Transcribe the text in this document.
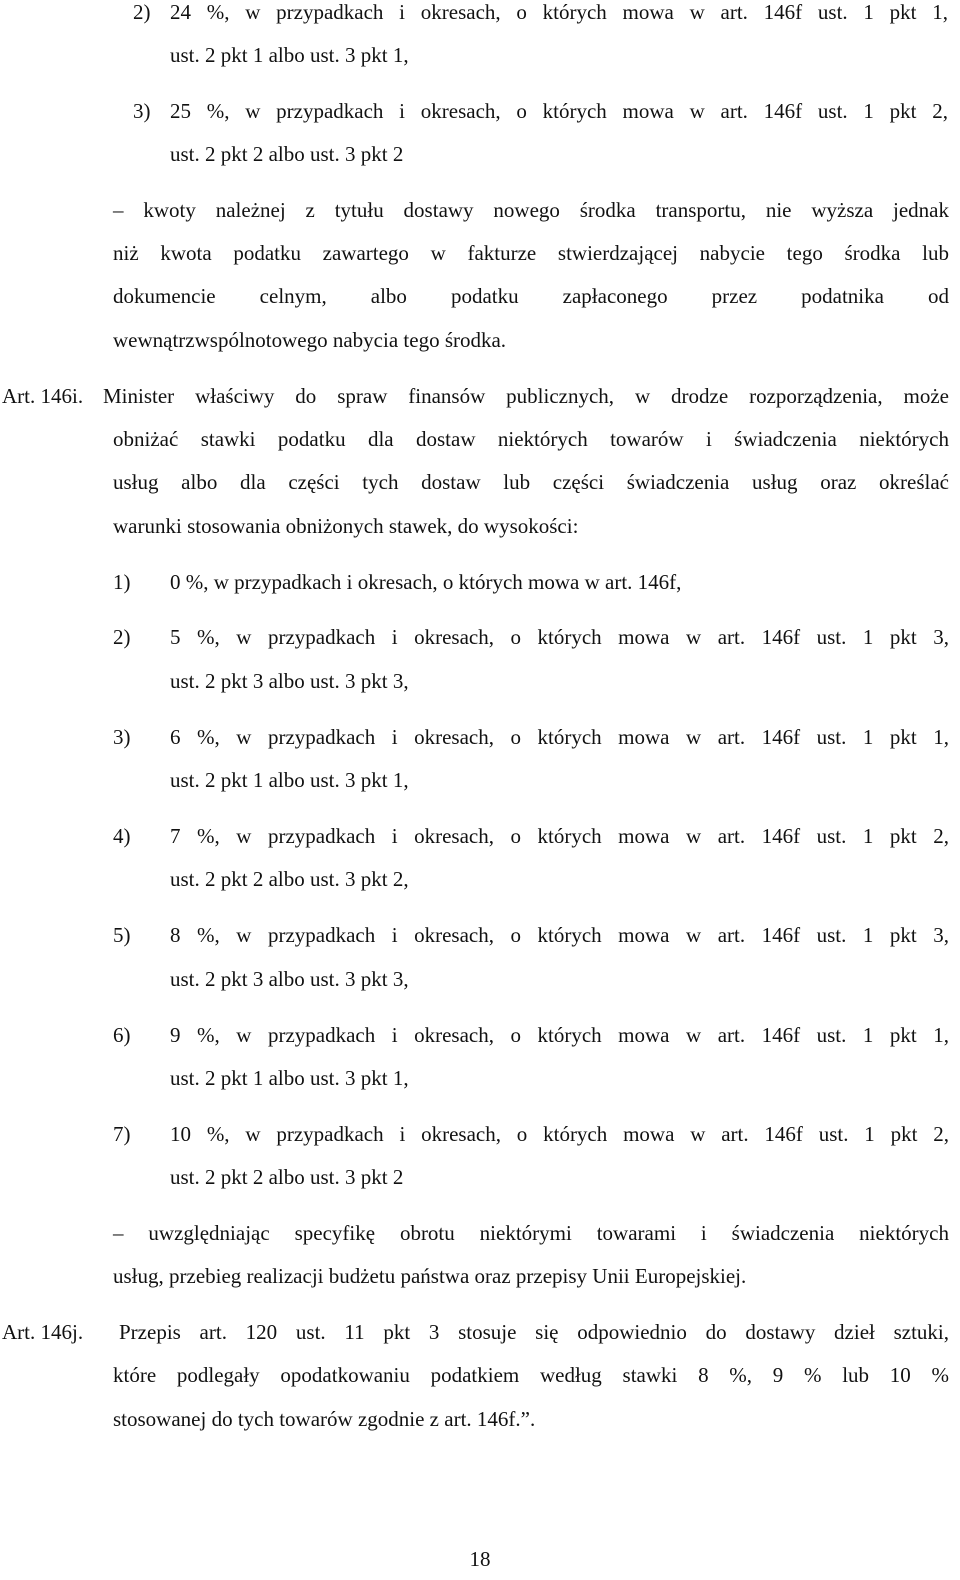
2) 24 %, w przypadkach i okresach, o których mowa w art. 146f ust. 1 pkt 1,
ust. 2 pkt 1 albo ust. 3 pkt 1,
3) 25 %, w przypadkach i okresach, o których mowa w art. 146f ust. 1 pkt 2,
ust. 2 pkt 2 albo ust. 3 pkt 2
– kwoty należnej z tytułu dostawy nowego środka transportu, nie wyższa jednak
niż kwota podatku zawartego w fakturze stwierdzającej nabycie tego środka lub
dokumencie celnym, albo podatku zapłaconego przez podatnika od
wewnątrzwspólnotowego nabycia tego środka.
Art. 146i. Minister właściwy do spraw finansów publicznych, w drodze rozporządzenia, może
obniżać stawki podatku dla dostaw niektórych towarów i świadczenia niektórych
usług albo dla części tych dostaw lub części świadczenia usług oraz określać
warunki stosowania obniżonych stawek, do wysokości:
1) 0 %, w przypadkach i okresach, o których mowa w art. 146f,
2) 5 %, w przypadkach i okresach, o których mowa w art. 146f ust. 1 pkt 3,
ust. 2 pkt 3 albo ust. 3 pkt 3,
3) 6 %, w przypadkach i okresach, o których mowa w art. 146f ust. 1 pkt 1,
ust. 2 pkt 1 albo ust. 3 pkt 1,
4) 7 %, w przypadkach i okresach, o których mowa w art. 146f ust. 1 pkt 2,
ust. 2 pkt 2 albo ust. 3 pkt 2,
5) 8 %, w przypadkach i okresach, o których mowa w art. 146f ust. 1 pkt 3,
ust. 2 pkt 3 albo ust. 3 pkt 3,
6) 9 %, w przypadkach i okresach, o których mowa w art. 146f ust. 1 pkt 1,
ust. 2 pkt 1 albo ust. 3 pkt 1,
7) 10 %, w przypadkach i okresach, o których mowa w art. 146f ust. 1 pkt 2,
ust. 2 pkt 2 albo ust. 3 pkt 2
– uwzględniając specyfikę obrotu niektórymi towarami i świadczenia niektórych
usług, przebieg realizacji budżetu państwa oraz przepisy Unii Europejskiej.
Art. 146j. Przepis art. 120 ust. 11 pkt 3 stosuje się odpowiednio do dostawy dzieł sztuki,
które podlegały opodatkowaniu podatkiem według stawki 8 %, 9 % lub 10 %
stosowanej do tych towarów zgodnie z art. 146f.”.
18
